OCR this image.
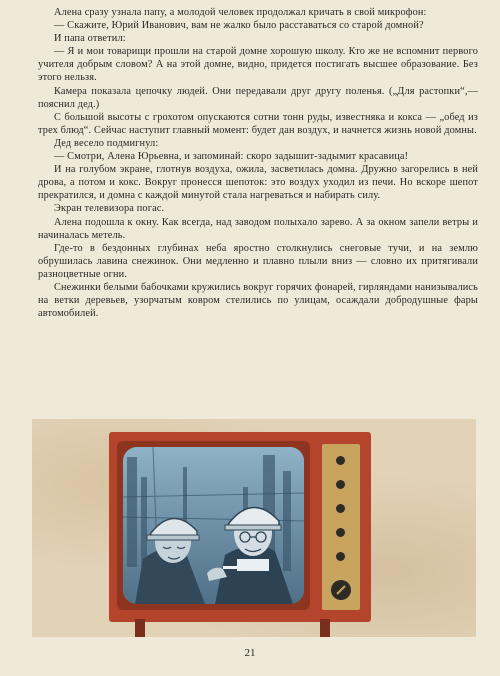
Алена сразу узнала папу, а молодой человек продолжал кричать в свой микрофон:

— Скажите, Юрий Иванович, вам не жалко было расставаться со старой домной?

И папа ответил:

— Я и мои товарищи прошли на старой домне хорошую школу. Кто же не вспомнит первого учителя добрым словом? А на этой домне, видно, придется постигать высшее образование. Без этого нельзя.

Камера показала цепочку людей. Они передавали друг другу поленья. („Для растопки“,— пояснил дед.)

С большой высоты с грохотом опускаются сотни тонн руды, известняка и кокса — „обед из трех блюд“. Сейчас наступит главный момент: будет дан воздух, и начнется жизнь новой домны.

Дед весело подмигнул:

— Смотри, Алена Юрьевна, и запоминай: скоро задышит-задымит красавица!

И на голубом экране, глотнув воздуха, ожила, засветилась домна. Дружно загорелись в ней дрова, а потом и кокс. Вокруг пронесся шепоток: это воздух уходил из печи. Но вскоре шепот прекратился, и домна с каждой минутой стала нагреваться и набирать силу.

Экран телевизора погас.

Алена подошла к окну. Как всегда, над заводом полыхало зарево. А за окном запели ветры и начиналась метель.

Где-то в бездонных глубинах неба яростно столкнулись снеговые тучи, и на землю обрушилась лавина снежинок. Они медленно и плавно плыли вниз — словно их притягивали разноцветные огни.

Снежинки белыми бабочками кружились вокруг горячих фонарей, гирляндами нанизывались на ветки деревьев, узорчатым ковром стелились по улицам, осаждали добродушные фары автомобилей.

21
